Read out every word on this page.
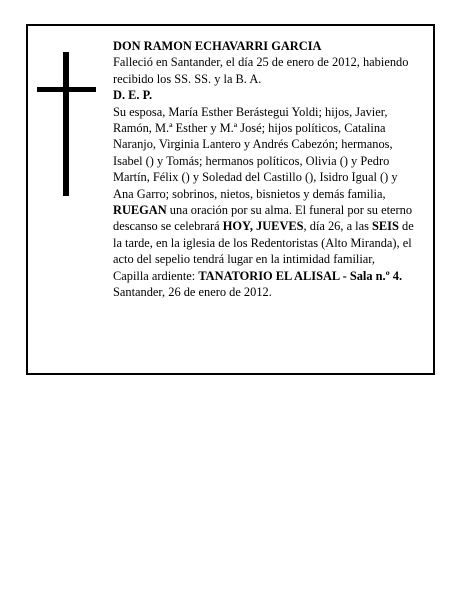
DON RAMON ECHAVARRI GARCIA

Falleció en Santander, el día 25 de enero de 2012, habiendo recibido los SS. SS. y la B. A.

D. E. P.

Su esposa, María Esther Berástegui Yoldi; hijos, Javier, Ramón, M.ª Esther y M.ª José; hijos políticos, Catalina Naranjo, Virginia Lantero y Andrés Cabezón; hermanos, Isabel () y Tomás; hermanos políticos, Olivia () y Pedro Martín, Félix () y Soledad del Castillo (), Isidro Igual () y Ana Garro; sobrinos, nietos, bisnietos y demás familia,

RUEGAN una oración por su alma. El funeral por su eterno descanso se celebrará HOY, JUEVES, día 26, a las SEIS de la tarde, en la iglesia de los Redentoristas (Alto Miranda), el acto del sepelio tendrá lugar en la intimidad familiar,

Capilla ardiente: TANATORIO EL ALISAL - Sala n.º 4.

Santander, 26 de enero de 2012.
